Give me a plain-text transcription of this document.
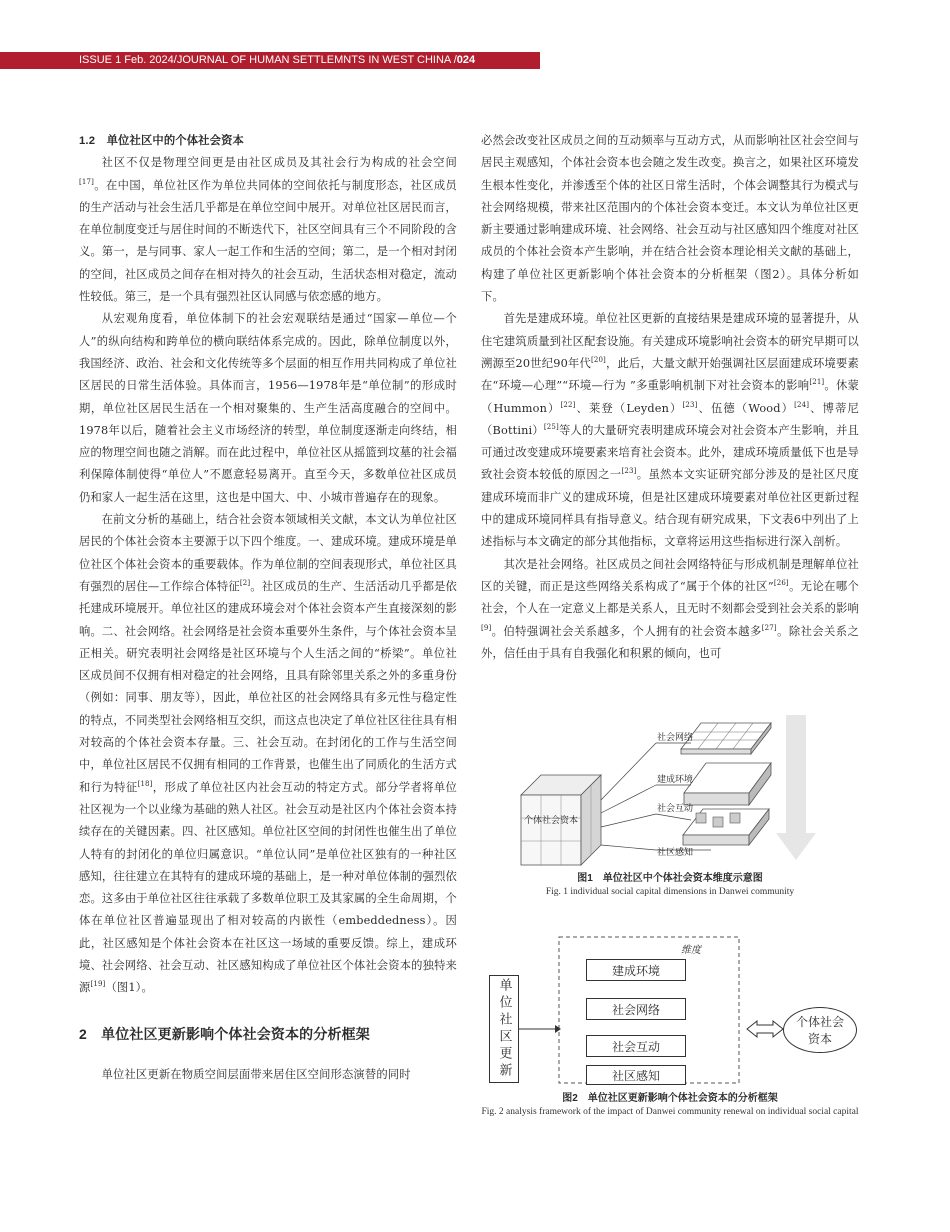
ISSUE 1 Feb. 2024/JOURNAL OF HUMAN SETTLEMNTS IN WEST CHINA /024
1.2　单位社区中的个体社会资本

社区不仅是物理空间更是由社区成员及其社会行为构成的社会空间[17]。在中国，单位社区作为单位共同体的空间依托与制度形态，社区成员的生产活动与社会生活几乎都是在单位空间中展开。对单位社区居民而言，在单位制度变迁与居住时间的不断迭代下，社区空间具有三个不同阶段的含义。第一，是与同事、家人一起工作和生活的空间；第二，是一个相对封闭的空间，社区成员之间存在相对持久的社会互动，生活状态相对稳定，流动性较低。第三，是一个具有强烈社区认同感与依恋感的地方。

从宏观角度看，单位体制下的社会宏观联结是通过“国家—单位—个人”的纵向结构和跨单位的横向联结体系完成的。因此，除单位制度以外，我国经济、政治、社会和文化传统等多个层面的相互作用共同构成了单位社区居民的日常生活体验。具体而言，1956—1978年是“单位制”的形成时期，单位社区居民生活在一个相对聚集的、生产生活高度融合的空间中。1978年以后，随着社会主义市场经济的转型，单位制度逐渐走向终结，相应的物理空间也随之消解。而在此过程中，单位社区从摇篮到坟墓的社会福利保障体制使得“单位人”不愿意轻易离开。直至今天，多数单位社区成员仍和家人一起生活在这里，这也是中国大、中、小城市普遍存在的现象。

在前文分析的基础上，结合社会资本领域相关文献，本文认为单位社区居民的个体社会资本主要源于以下四个维度。一、建成环境。建成环境是单位社区个体社会资本的重要载体。作为单位制的空间表现形式，单位社区具有强烈的居住—工作综合体特征[2]。社区成员的生产、生活活动几乎都是依托建成环境展开。单位社区的建成环境会对个体社会资本产生直接深刻的影响。二、社会网络。社会网络是社会资本重要外生条件，与个体社会资本呈正相关。研究表明社会网络是社区环境与个人生活之间的“桥梁”。单位社区成员间不仅拥有相对稳定的社会网络，且具有除邻里关系之外的多重身份（例如：同事、朋友等），因此，单位社区的社会网络具有多元性与稳定性的特点，不同类型社会网络相互交织，而这点也决定了单位社区往往具有相对较高的个体社会资本存量。三、社会互动。在封闭化的工作与生活空间中，单位社区居民不仅拥有相同的工作背景，也催生出了同质化的生活方式和行为特征[18]，形成了单位社区内社会互动的特定方式。部分学者将单位社区视为一个以业缘为基础的熟人社区。社会互动是社区内个体社会资本持续存在的关键因素。四、社区感知。单位社区空间的封闭性也催生出了单位人特有的封闭化的单位归属意识。“单位认同”是单位社区独有的一种社区感知，往往建立在其特有的建成环境的基础上，是一种对单位体制的强烈依恋。这多由于单位社区往往承载了多数单位职工及其家属的全生命周期，个体在单位社区普遍显现出了相对较高的内嵌性（embeddedness）。因此，社区感知是个体社会资本在社区这一场域的重要反馈。综上，建成环境、社会网络、社会互动、社区感知构成了单位社区个体社会资本的独特来源[19]（图1）。

2　单位社区更新影响个体社会资本的分析框架

单位社区更新在物质空间层面带来居住区空间形态演替的同时

必然会改变社区成员之间的互动频率与互动方式，从而影响社区社会空间与居民主观感知，个体社会资本也会随之发生改变。换言之，如果社区环境发生根本性变化，并渗透至个体的社区日常生活时，个体会调整其行为模式与社会网络规模，带来社区范围内的个体社会资本变迁。本文认为单位社区更新主要通过影响建成环境、社会网络、社会互动与社区感知四个维度对社区成员的个体社会资本产生影响，并在结合社会资本理论相关文献的基础上，构建了单位社区更新影响个体社会资本的分析框架（图2）。具体分析如下。

首先是建成环境。单位社区更新的直接结果是建成环境的显著提升，从住宅建筑质量到社区配套设施。有关建成环境影响社会资本的研究早期可以溯源至20世纪90年代[20]，此后，大量文献开始强调社区层面建成环境要素在“环境—心理”“环境—行为 ”多重影响机制下对社会资本的影响[21]。休蒙（Hummon）[22]、莱登（Leyden）[23]、伍德（Wood）[24]、博蒂尼（Bottini）[25]等人的大量研究表明建成环境会对社会资本产生影响，并且可通过改变建成环境要素来培育社会资本。此外，建成环境质量低下也是导致社会资本较低的原因之一[23]。虽然本文实证研究部分涉及的是社区尺度建成环境而非广义的建成环境，但是社区建成环境要素对单位社区更新过程中的建成环境同样具有指导意义。结合现有研究成果，下文表6中列出了上述指标与本文确定的部分其他指标，文章将运用这些指标进行深入剖析。

其次是社会网络。社区成员之间社会网络特征与形成机制是理解单位社区的关键，而正是这些网络关系构成了“属于个体的社区”[26]。无论在哪个社会，个人在一定意义上都是关系人，且无时不刻都会受到社会关系的影响[9]。伯特强调社会关系越多，个人拥有的社会资本越多[27]。除社会关系之外，信任由于具有自我强化和积累的倾向，也可

个体社会资本
社会网络
建成环境
社会互动
社区感知
图1　单位社区中个体社会资本维度示意图
Fig. 1 individual social capital dimensions in Danwei community
单位社区更新
维度
建成环境
社会网络
社会互动
社区感知
个体社会资本
图2　单位社区更新影响个体社会资本的分析框架
Fig. 2 analysis framework of the impact of Danwei community renewal on individual social capital
